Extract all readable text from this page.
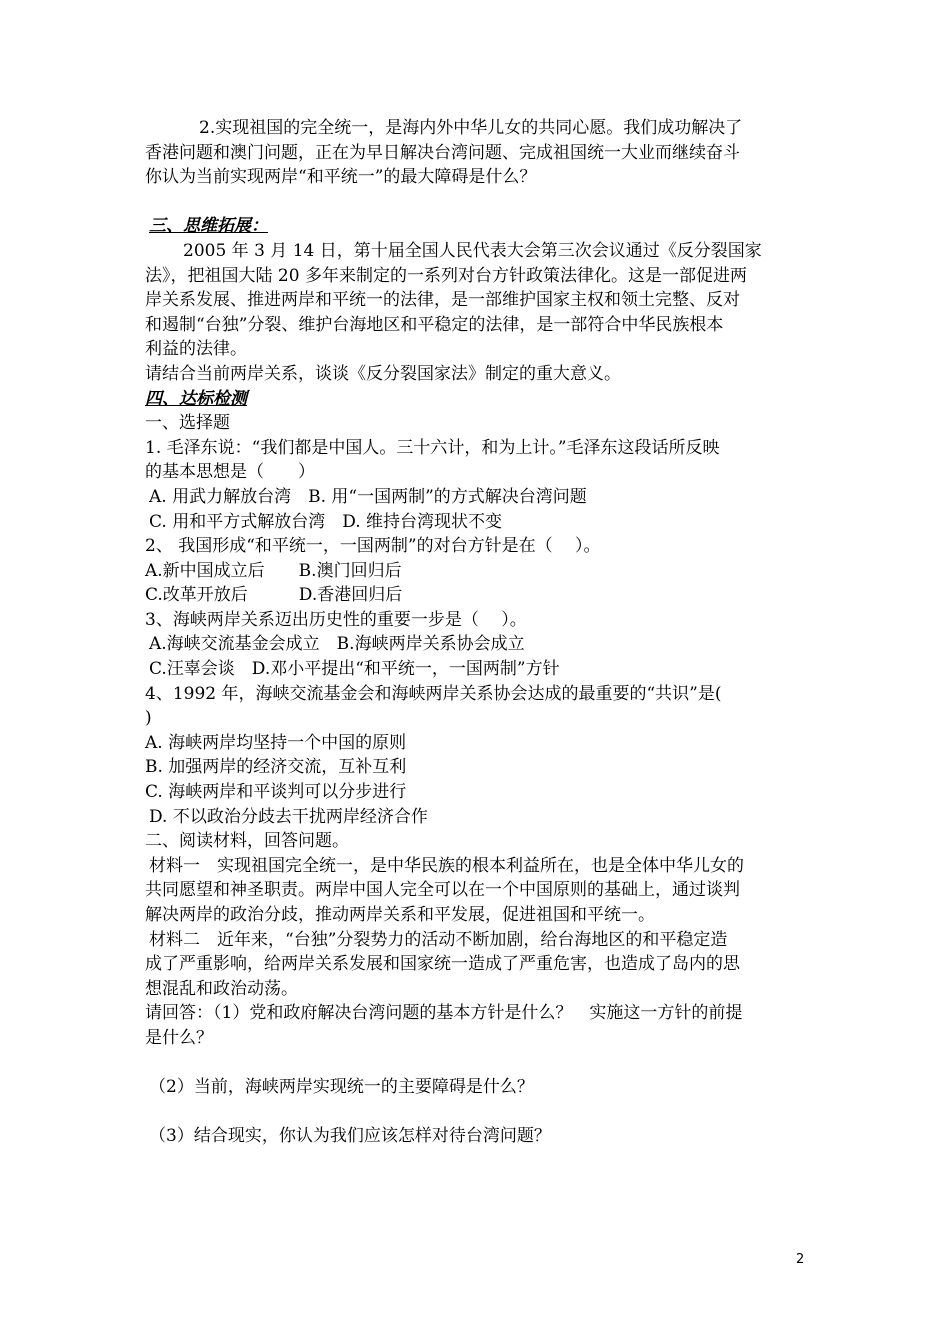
2.实现祖国的完全统一，是海内外中华儿女的共同心愿。我们成功解决了
香港问题和澳门问题，正在为早日解决台湾问题、完成祖国统一大业而继续奋斗
你认为当前实现两岸“和平统一”的最大障碍是什么？
三、思维拓展：
2005 年 3 月 14 日，第十届全国人民代表大会第三次会议通过《反分裂国家
法》，把祖国大陆 20 多年来制定的一系列对台方针政策法律化。这是一部促进两
岸关系发展、推进两岸和平统一的法律，是一部维护国家主权和领土完整、反对
和遏制“台独”分裂、维护台海地区和平稳定的法律，是一部符合中华民族根本
利益的法律。
请结合当前两岸关系，谈谈《反分裂国家法》制定的重大意义。
四、达标检测
一、选择题
1. 毛泽东说：“我们都是中国人。三十六计，和为上计。”毛泽东这段话所反映
的基本思想是（　　）
A. 用武力解放台湾　B. 用“一国两制”的方式解决台湾问题
C. 用和平方式解放台湾　D. 维持台湾现状不变
2、 我国形成“和平统一，一国两制”的对台方针是在（　 ）。
A.新中国成立后　　B.澳门回归后
C.改革开放后　　　D.香港回归后
3、海峡两岸关系迈出历史性的重要一步是（　 ）。
A.海峡交流基金会成立　B.海峡两岸关系协会成立
C.汪辜会谈　D.邓小平提出“和平统一，一国两制”方针
4、1992 年，海峡交流基金会和海峡两岸关系协会达成的最重要的“共识”是(
)
A. 海峡两岸均坚持一个中国的原则
B. 加强两岸的经济交流，互补互利
C. 海峡两岸和平谈判可以分步进行
D. 不以政治分歧去干扰两岸经济合作
二、阅读材料，回答问题。
材料一　实现祖国完全统一，是中华民族的根本利益所在，也是全体中华儿女的
共同愿望和神圣职责。两岸中国人完全可以在一个中国原则的基础上，通过谈判
解决两岸的政治分歧，推动两岸关系和平发展，促进祖国和平统一。
材料二　近年来，“台独”分裂势力的活动不断加剧，给台海地区的和平稳定造
成了严重影响，给两岸关系发展和国家统一造成了严重危害，也造成了岛内的思
想混乱和政治动荡。
请回答：（1）党和政府解决台湾问题的基本方针是什么？　实施这一方针的前提
是什么？
（2）当前，海峡两岸实现统一的主要障碍是什么？
（3）结合现实，你认为我们应该怎样对待台湾问题？
2
